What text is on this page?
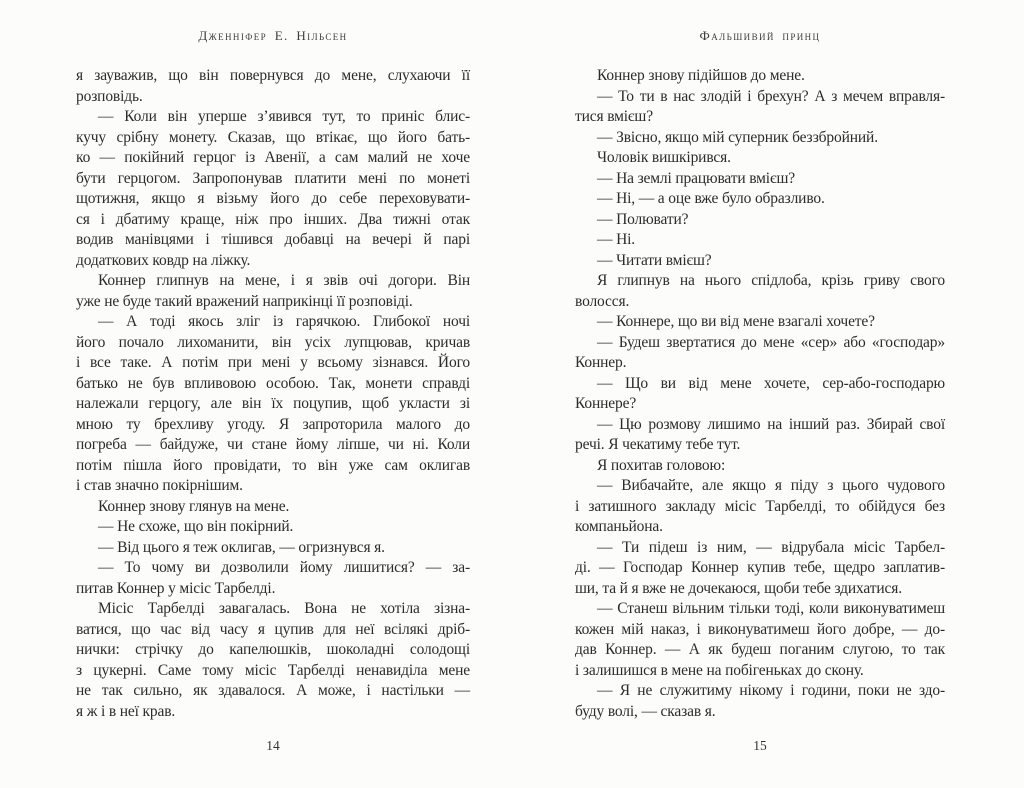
Дженніфер Е. Нільсен	Фальшивий принц
я зауважив, що він повернувся до мене, слухаючи її
розповідь.
— Коли він уперше з’явився тут, то приніс блис-
кучу срібну монету. Сказав, що втікає, що його бать-
ко — покійний герцог із Авенії, а сам малий не хоче
бути герцогом. Запропонував платити мені по монеті
щотижня, якщо я візьму його до себе переховувати-
ся і дбатиму краще, ніж про інших. Два тижні отак
водив манівцями і тішився добавці на вечері й парі
додаткових ковдр на ліжку.
Коннер глипнув на мене, і я звів очі догори. Він
уже не буде такий вражений наприкінці її розповіді.
— А тоді якось зліг із гарячкою. Глибокої ночі
його почало лихоманити, він усіх лупцював, кричав
і все таке. А потім при мені у всьому зізнався. Його
батько не був впливовою особою. Так, монети справді
належали герцогу, але він їх поцупив, щоб укласти зі
мною ту брехливу угоду. Я запроторила малого до
погреба — байдуже, чи стане йому ліпше, чи ні. Коли
потім пішла його провідати, то він уже сам оклигав
і став значно покірнішим.
Коннер знову глянув на мене.
— Не схоже, що він покірний.
— Від цього я теж оклигав, — огризнувся я.
— То чому ви дозволили йому лишитися? — за-
питав Коннер у місіс Тарбелді.
Місіс Тарбелді завагалась. Вона не хотіла зізна-
ватися, що час від часу я цупив для неї всілякі дріб-
нички: стрічку до капелюшків, шоколадні солодощі
з цукерні. Саме тому місіс Тарбелді ненавиділа мене
не так сильно, як здавалося. А може, і настільки —
я ж і в неї крав.
Коннер знову підійшов до мене.
— То ти в нас злодій і брехун? А з мечем вправля-
тися вмієш?
— Звісно, якщо мій суперник беззбройний.
Чоловік вишкірився.
— На землі працювати вмієш?
— Ні, — а оце вже було образливо.
— Полювати?
— Ні.
— Читати вмієш?
Я глипнув на нього спідлоба, крізь гриву свого
волосся.
— Коннере, що ви від мене взагалі хочете?
— Будеш звертатися до мене «сер» або «господар»
Коннер.
— Що ви від мене хочете, сер-або-господарю
Коннере?
— Цю розмову лишимо на інший раз. Збирай свої
речі. Я чекатиму тебе тут.
Я похитав головою:
— Вибачайте, але якщо я піду з цього чудового
і затишного закладу місіс Тарбелді, то обійдуся без
компаньйона.
— Ти підеш із ним, — відрубала місіс Тарбел-
ді. — Господар Коннер купив тебе, щедро заплатив-
ши, та й я вже не дочекаюся, щоби тебе здихатися.
— Станеш вільним тільки тоді, коли виконуватимеш
кожен мій наказ, і виконуватимеш його добре, — до-
дав Коннер. — А як будеш поганим слугою, то так
і залишишся в мене на побігеньках до скону.
— Я не служитиму нікому і години, поки не здо-
буду волі, — сказав я.
14	15
